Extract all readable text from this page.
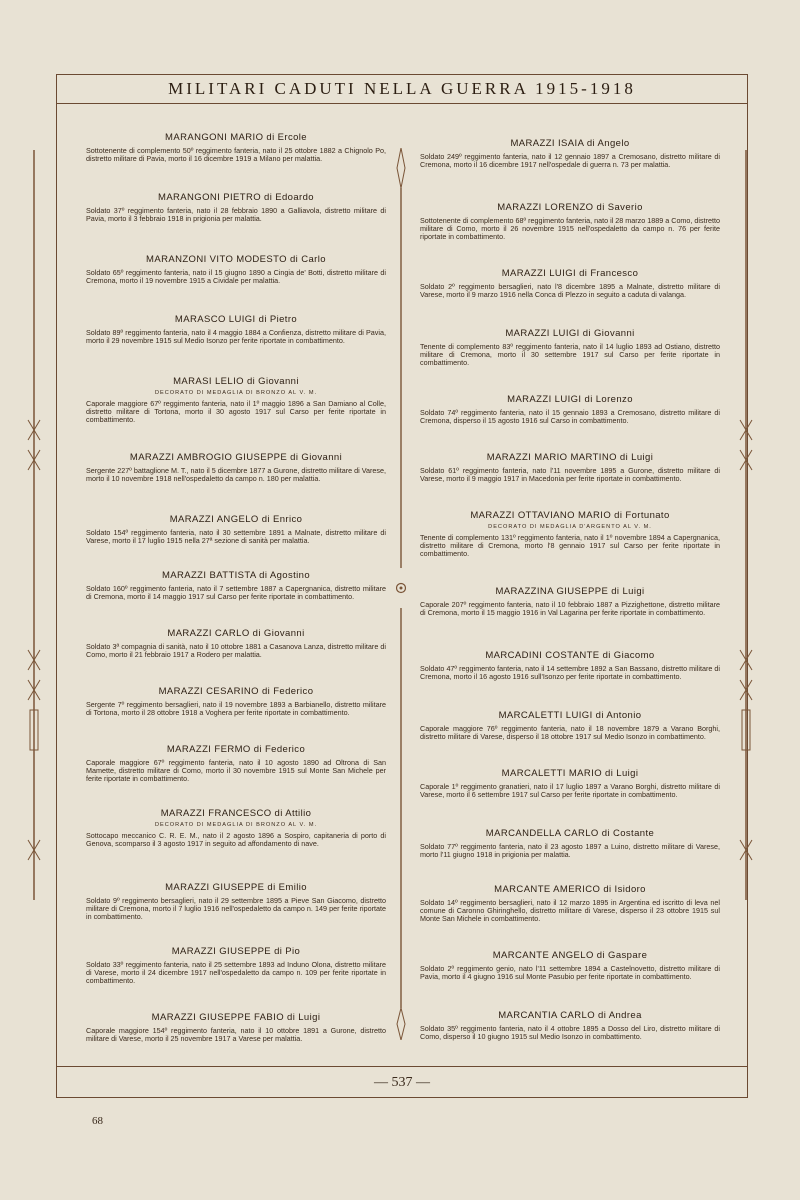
MILITARI CADUTI NELLA GUERRA 1915-1918
MARANGONI MARIO di Ercole
Sottotenente di complemento 50º reggimento fanteria, nato il 25 ottobre 1882 a Chignolo Po, distretto militare di Pavia, morto il 16 dicembre 1919 a Milano per malattia.
MARANGONI PIETRO di Edoardo
Soldato 37º reggimento fanteria, nato il 28 febbraio 1890 a Galliavola, distretto militare di Pavia, morto il 3 febbraio 1918 in prigionia per malattia.
MARANZONI VITO MODESTO di Carlo
Soldato 65º reggimento fanteria, nato il 15 giugno 1890 a Cingia de' Botti, distretto militare di Cremona, morto il 19 novembre 1915 a Cividale per malattia.
MARASCO LUIGI di Pietro
Soldato 89º reggimento fanteria, nato il 4 maggio 1884 a Confienza, distretto militare di Pavia, morto il 29 novembre 1915 sul Medio Isonzo per ferite riportate in combattimento.
MARASI LELIO di Giovanni
DECORATO DI MEDAGLIA DI BRONZO AL V. M.
Caporale maggiore 67º reggimento fanteria, nato il 1º maggio 1896 a San Damiano al Colle, distretto militare di Tortona, morto il 30 agosto 1917 sul Carso per ferite riportate in combattimento.
MARAZZI AMBROGIO GIUSEPPE di Giovanni
Sergente 227º battaglione M. T., nato il 5 dicembre 1877 a Gurone, distretto militare di Varese, morto il 10 novembre 1918 nell'ospedaletto da campo n. 180 per malattia.
MARAZZI ANGELO di Enrico
Soldato 154º reggimento fanteria, nato il 30 settembre 1891 a Malnate, distretto militare di Varese, morto il 17 luglio 1915 nella 27ª sezione di sanità per malattia.
MARAZZI BATTISTA di Agostino
Soldato 160º reggimento fanteria, nato il 7 settembre 1887 a Capergnanica, distretto militare di Cremona, morto il 14 maggio 1917 sul Carso per ferite riportate in combattimento.
MARAZZI CARLO di Giovanni
Soldato 3ª compagnia di sanità, nato il 10 ottobre 1881 a Casanova Lanza, distretto militare di Como, morto il 21 febbraio 1917 a Rodero per malattia.
MARAZZI CESARINO di Federico
Sergente 7º reggimento bersaglieri, nato il 19 novembre 1893 a Barbianello, distretto militare di Tortona, morto il 28 ottobre 1918 a Voghera per ferite riportate in combattimento.
MARAZZI FERMO di Federico
Caporale maggiore 67º reggimento fanteria, nato il 10 agosto 1890 ad Oltrona di San Mamette, distretto militare di Como, morto il 30 novembre 1915 sul Monte San Michele per ferite riportate in combattimento.
MARAZZI FRANCESCO di Attilio
DECORATO DI MEDAGLIA DI BRONZO AL V. M.
Sottocapo meccanico C. R. E. M., nato il 2 agosto 1896 a Sospiro, capitaneria di porto di Genova, scomparso il 3 agosto 1917 in seguito ad affondamento di nave.
MARAZZI GIUSEPPE di Emilio
Soldato 9º reggimento bersaglieri, nato il 29 settembre 1895 a Pieve San Giacomo, distretto militare di Cremona, morto il 7 luglio 1916 nell'ospedaletto da campo n. 149 per ferite riportate in combattimento.
MARAZZI GIUSEPPE di Pio
Soldato 33º reggimento fanteria, nato il 25 settembre 1893 ad Induno Olona, distretto militare di Varese, morto il 24 dicembre 1917 nell'ospedaletto da campo n. 109 per ferite riportate in combattimento.
MARAZZI GIUSEPPE FABIO di Luigi
Caporale maggiore 154º reggimento fanteria, nato il 10 ottobre 1891 a Gurone, distretto militare di Varese, morto il 25 novembre 1917 a Varese per malattia.
MARAZZI ISAIA di Angelo
Soldato 249º reggimento fanteria, nato il 12 gennaio 1897 a Cremosano, distretto militare di Cremona, morto il 16 dicembre 1917 nell'ospedale di guerra n. 73 per malattia.
MARAZZI LORENZO di Saverio
Sottotenente di complemento 68º reggimento fanteria, nato il 28 marzo 1889 a Como, distretto militare di Como, morto il 26 novembre 1915 nell'ospedaletto da campo n. 76 per ferite riportate in combattimento.
MARAZZI LUIGI di Francesco
Soldato 2º reggimento bersaglieri, nato l'8 dicembre 1895 a Malnate, distretto militare di Varese, morto il 9 marzo 1916 nella Conca di Plezzo in seguito a caduta di valanga.
MARAZZI LUIGI di Giovanni
Tenente di complemento 83º reggimento fanteria, nato il 14 luglio 1893 ad Ostiano, distretto militare di Cremona, morto il 30 settembre 1917 sul Carso per ferite riportate in combattimento.
MARAZZI LUIGI di Lorenzo
Soldato 74º reggimento fanteria, nato il 15 gennaio 1893 a Cremosano, distretto militare di Cremona, disperso il 15 agosto 1916 sul Carso in combattimento.
MARAZZI MARIO MARTINO di Luigi
Soldato 61º reggimento fanteria, nato l'11 novembre 1895 a Gurone, distretto militare di Varese, morto il 9 maggio 1917 in Macedonia per ferite riportate in combattimento.
MARAZZI OTTAVIANO MARIO di Fortunato
DECORATO DI MEDAGLIA D'ARGENTO AL V. M.
Tenente di complemento 131º reggimento fanteria, nato il 1º novembre 1894 a Capergnanica, distretto militare di Cremona, morto l'8 gennaio 1917 sul Carso per ferite riportate in combattimento.
MARAZZINA GIUSEPPE di Luigi
Caporale 207º reggimento fanteria, nato il 10 febbraio 1887 a Pizzighettone, distretto militare di Cremona, morto il 15 maggio 1916 in Val Lagarina per ferite riportate in combattimento.
MARCADINI COSTANTE di Giacomo
Soldato 47º reggimento fanteria, nato il 14 settembre 1892 a San Bassano, distretto militare di Cremona, morto il 16 agosto 1916 sull'Isonzo per ferite riportate in combattimento.
MARCALETTI LUIGI di Antonio
Caporale maggiore 76º reggimento fanteria, nato il 18 novembre 1879 a Varano Borghi, distretto militare di Varese, disperso il 18 ottobre 1917 sul Medio Isonzo in combattimento.
MARCALETTI MARIO di Luigi
Caporale 1º reggimento granatieri, nato il 17 luglio 1897 a Varano Borghi, distretto militare di Varese, morto il 6 settembre 1917 sul Carso per ferite riportate in combattimento.
MARCANDELLA CARLO di Costante
Soldato 77º reggimento fanteria, nato il 23 agosto 1897 a Luino, distretto militare di Varese, morto l'11 giugno 1918 in prigionia per malattia.
MARCANTE AMERICO di Isidoro
Soldato 14º reggimento bersaglieri, nato il 12 marzo 1895 in Argentina ed iscritto di leva nel comune di Caronno Ghiringhello, distretto militare di Varese, disperso il 23 ottobre 1915 sul Monte San Michele in combattimento.
MARCANTE ANGELO di Gaspare
Soldato 2º reggimento genio, nato l'11 settembre 1894 a Castelnovetto, distretto militare di Pavia, morto il 4 giugno 1916 sul Monte Pasubio per ferite riportate in combattimento.
MARCANTIA CARLO di Andrea
Soldato 35º reggimento fanteria, nato il 4 ottobre 1895 a Dosso del Liro, distretto militare di Como, disperso il 10 giugno 1915 sul Medio Isonzo in combattimento.
— 537 —
68
